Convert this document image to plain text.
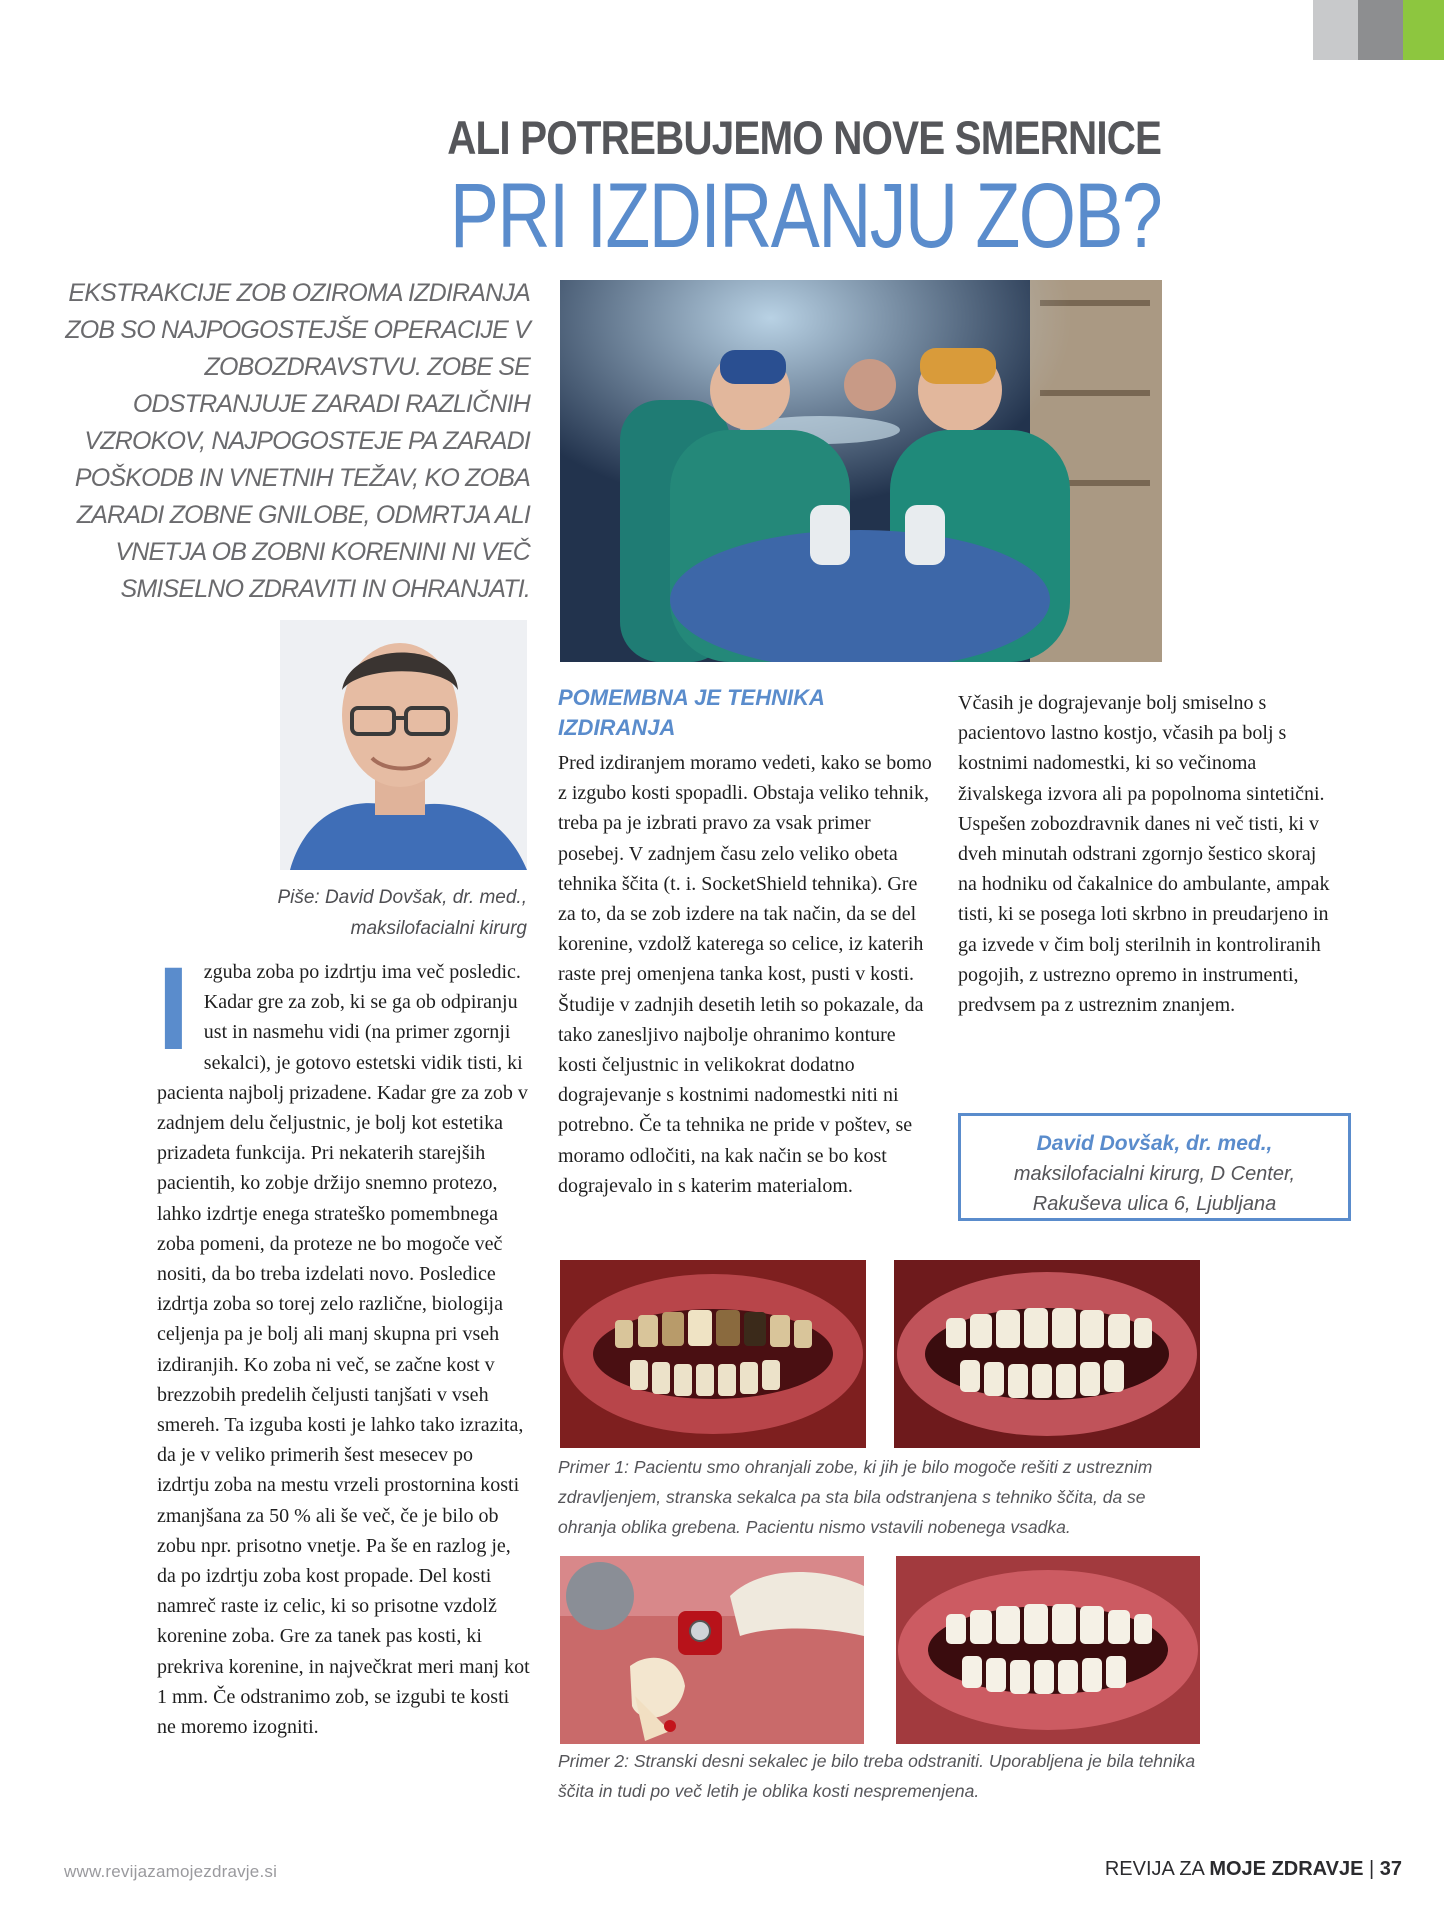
ALI POTREBUJEMO NOVE SMERNICE
PRI IZDIRANJU ZOB?
EKSTRAKCIJE ZOB OZIROMA IZDIRANJA ZOB SO NAJPOGOSTEJŠE OPERACIJE V ZOBOZDRAVSTVU. ZOBE SE ODSTRANJUJE ZARADI RAZLIČNIH VZROKOV, NAJPOGOSTEJE PA ZARADI POŠKODB IN VNETNIH TEŽAV, KO ZOBA ZARADI ZOBNE GNILOBE, ODMRTJA ALI VNETJA OB ZOBNI KORENINI NI VEČ SMISELNO ZDRAVITI IN OHRANJATI.
Piše: David Dovšak, dr. med.,
maksilofacialni kirurg
I zguba zoba po izdrtju ima več posledic. Kadar gre za zob, ki se ga ob odpiranju ust in nasmehu vidi (na primer zgornji sekalci), je gotovo estetski vidik tisti, ki pacienta najbolj prizadene. Kadar gre za zob v zadnjem delu čeljustnic, je bolj kot estetika prizadeta funkcija. Pri nekaterih starejših pacientih, ko zobje držijo snemno protezo, lahko izdrtje enega strateško pomembnega zoba pomeni, da proteze ne bo mogoče več nositi, da bo treba izdelati novo. Posledice izdrtja zoba so torej zelo različne, biologija celjenja pa je bolj ali manj skupna pri vseh izdiranjih. Ko zoba ni več, se začne kost v brezzobih predelih čeljusti tanjšati v vseh smereh. Ta izguba kosti je lahko tako izrazita, da je v veliko primerih šest mesecev po izdrtju zoba na mestu vrzeli prostornina kosti zmanjšana za 50 % ali še več, če je bilo ob zobu npr. prisotno vnetje. Pa še en razlog je, da po izdrtju zoba kost propade. Del kosti namreč raste iz celic, ki so prisotne vzdolž korenine zoba. Gre za tanek pas kosti, ki prekriva korenine, in največkrat meri manj kot 1 mm. Če odstranimo zob, se izgubi te kosti ne moremo izogniti.

POMEMBNA JE TEHNIKA IZDIRANJA

Pred izdiranjem moramo vedeti, kako se bomo z izgubo kosti spopadli. Obstaja veliko tehnik, treba pa je izbrati pravo za vsak primer posebej. V zadnjem času zelo veliko obeta tehnika ščita (t. i. SocketShield tehnika). Gre za to, da se zob izdere na tak način, da se del korenine, vzdolž katerega so celice, iz katerih raste prej omenjena tanka kost, pusti v kosti. Študije v zadnjih desetih letih so pokazale, da tako zanesljivo najbolje ohranimo konture kosti čeljustnic in velikokrat dodatno dograjevanje s kostnimi nadomestki niti ni potrebno. Če ta tehnika ne pride v poštev, se moramo odločiti, na kak način se bo kost dograjevalo in s katerim materialom.

Včasih je dograjevanje bolj smiselno s pacientovo lastno kostjo, včasih pa bolj s kostnimi nadomestki, ki so večinoma živalskega izvora ali pa popolnoma sintetični.

Uspešen zobozdravnik danes ni več tisti, ki v dveh minutah odstrani zgornjo šestico skoraj na hodniku od čakalnice do ambulante, ampak tisti, ki se posega loti skrbno in preudarjeno in ga izvede v čim bolj sterilnih in kontroliranih pogojih, z ustrezno opremo in instrumenti, predvsem pa z ustreznim znanjem.

David Dovšak, dr. med.,
maksilofacialni kirurg, D Center,
Rakuševa ulica 6, Ljubljana
Primer 1: Pacientu smo ohranjali zobe, ki jih je bilo mogoče rešiti z ustreznim zdravljenjem, stranska sekalca pa sta bila odstranjena s tehniko ščita, da se ohranja oblika grebena. Pacientu nismo vstavili nobenega vsadka.
Primer 2: Stranski desni sekalec je bilo treba odstraniti. Uporabljena je bila tehnika ščita in tudi po več letih je oblika kosti nespremenjena.
www.revijazamojezdravje.si	REVIJA ZA MOJE ZDRAVJE | 37
